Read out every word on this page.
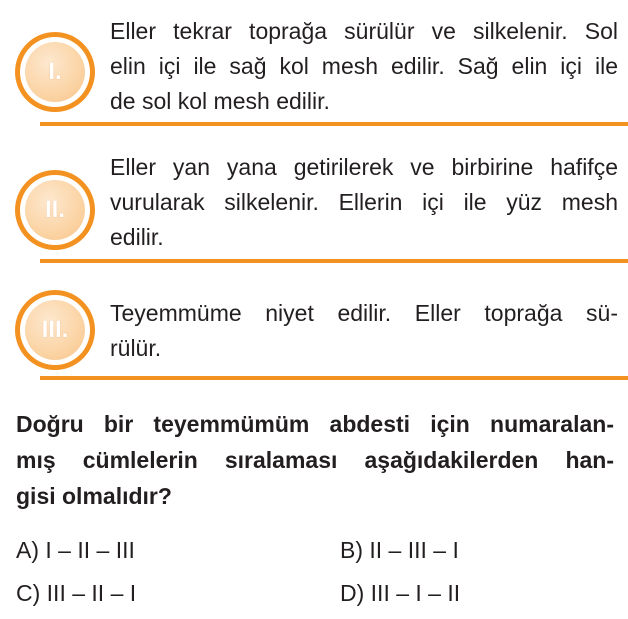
I.
Eller tekrar toprağa sürülür ve silkelenir. Sol
elin içi ile sağ kol mesh edilir. Sağ elin içi ile
de sol kol mesh edilir.
II.
Eller yan yana getirilerek ve birbirine hafifçe
vurularak silkelenir. Ellerin içi ile yüz mesh
edilir.
III.
Teyemmüme niyet edilir. Eller toprağa sü-
rülür.
Doğru bir teyemmümüm abdesti için numaralan-
mış cümlelerin sıralaması aşağıdakilerden han-
gisi olmalıdır?
A) I – II – III	B) II – III – I
C) III – II – I	D) III – I – II
